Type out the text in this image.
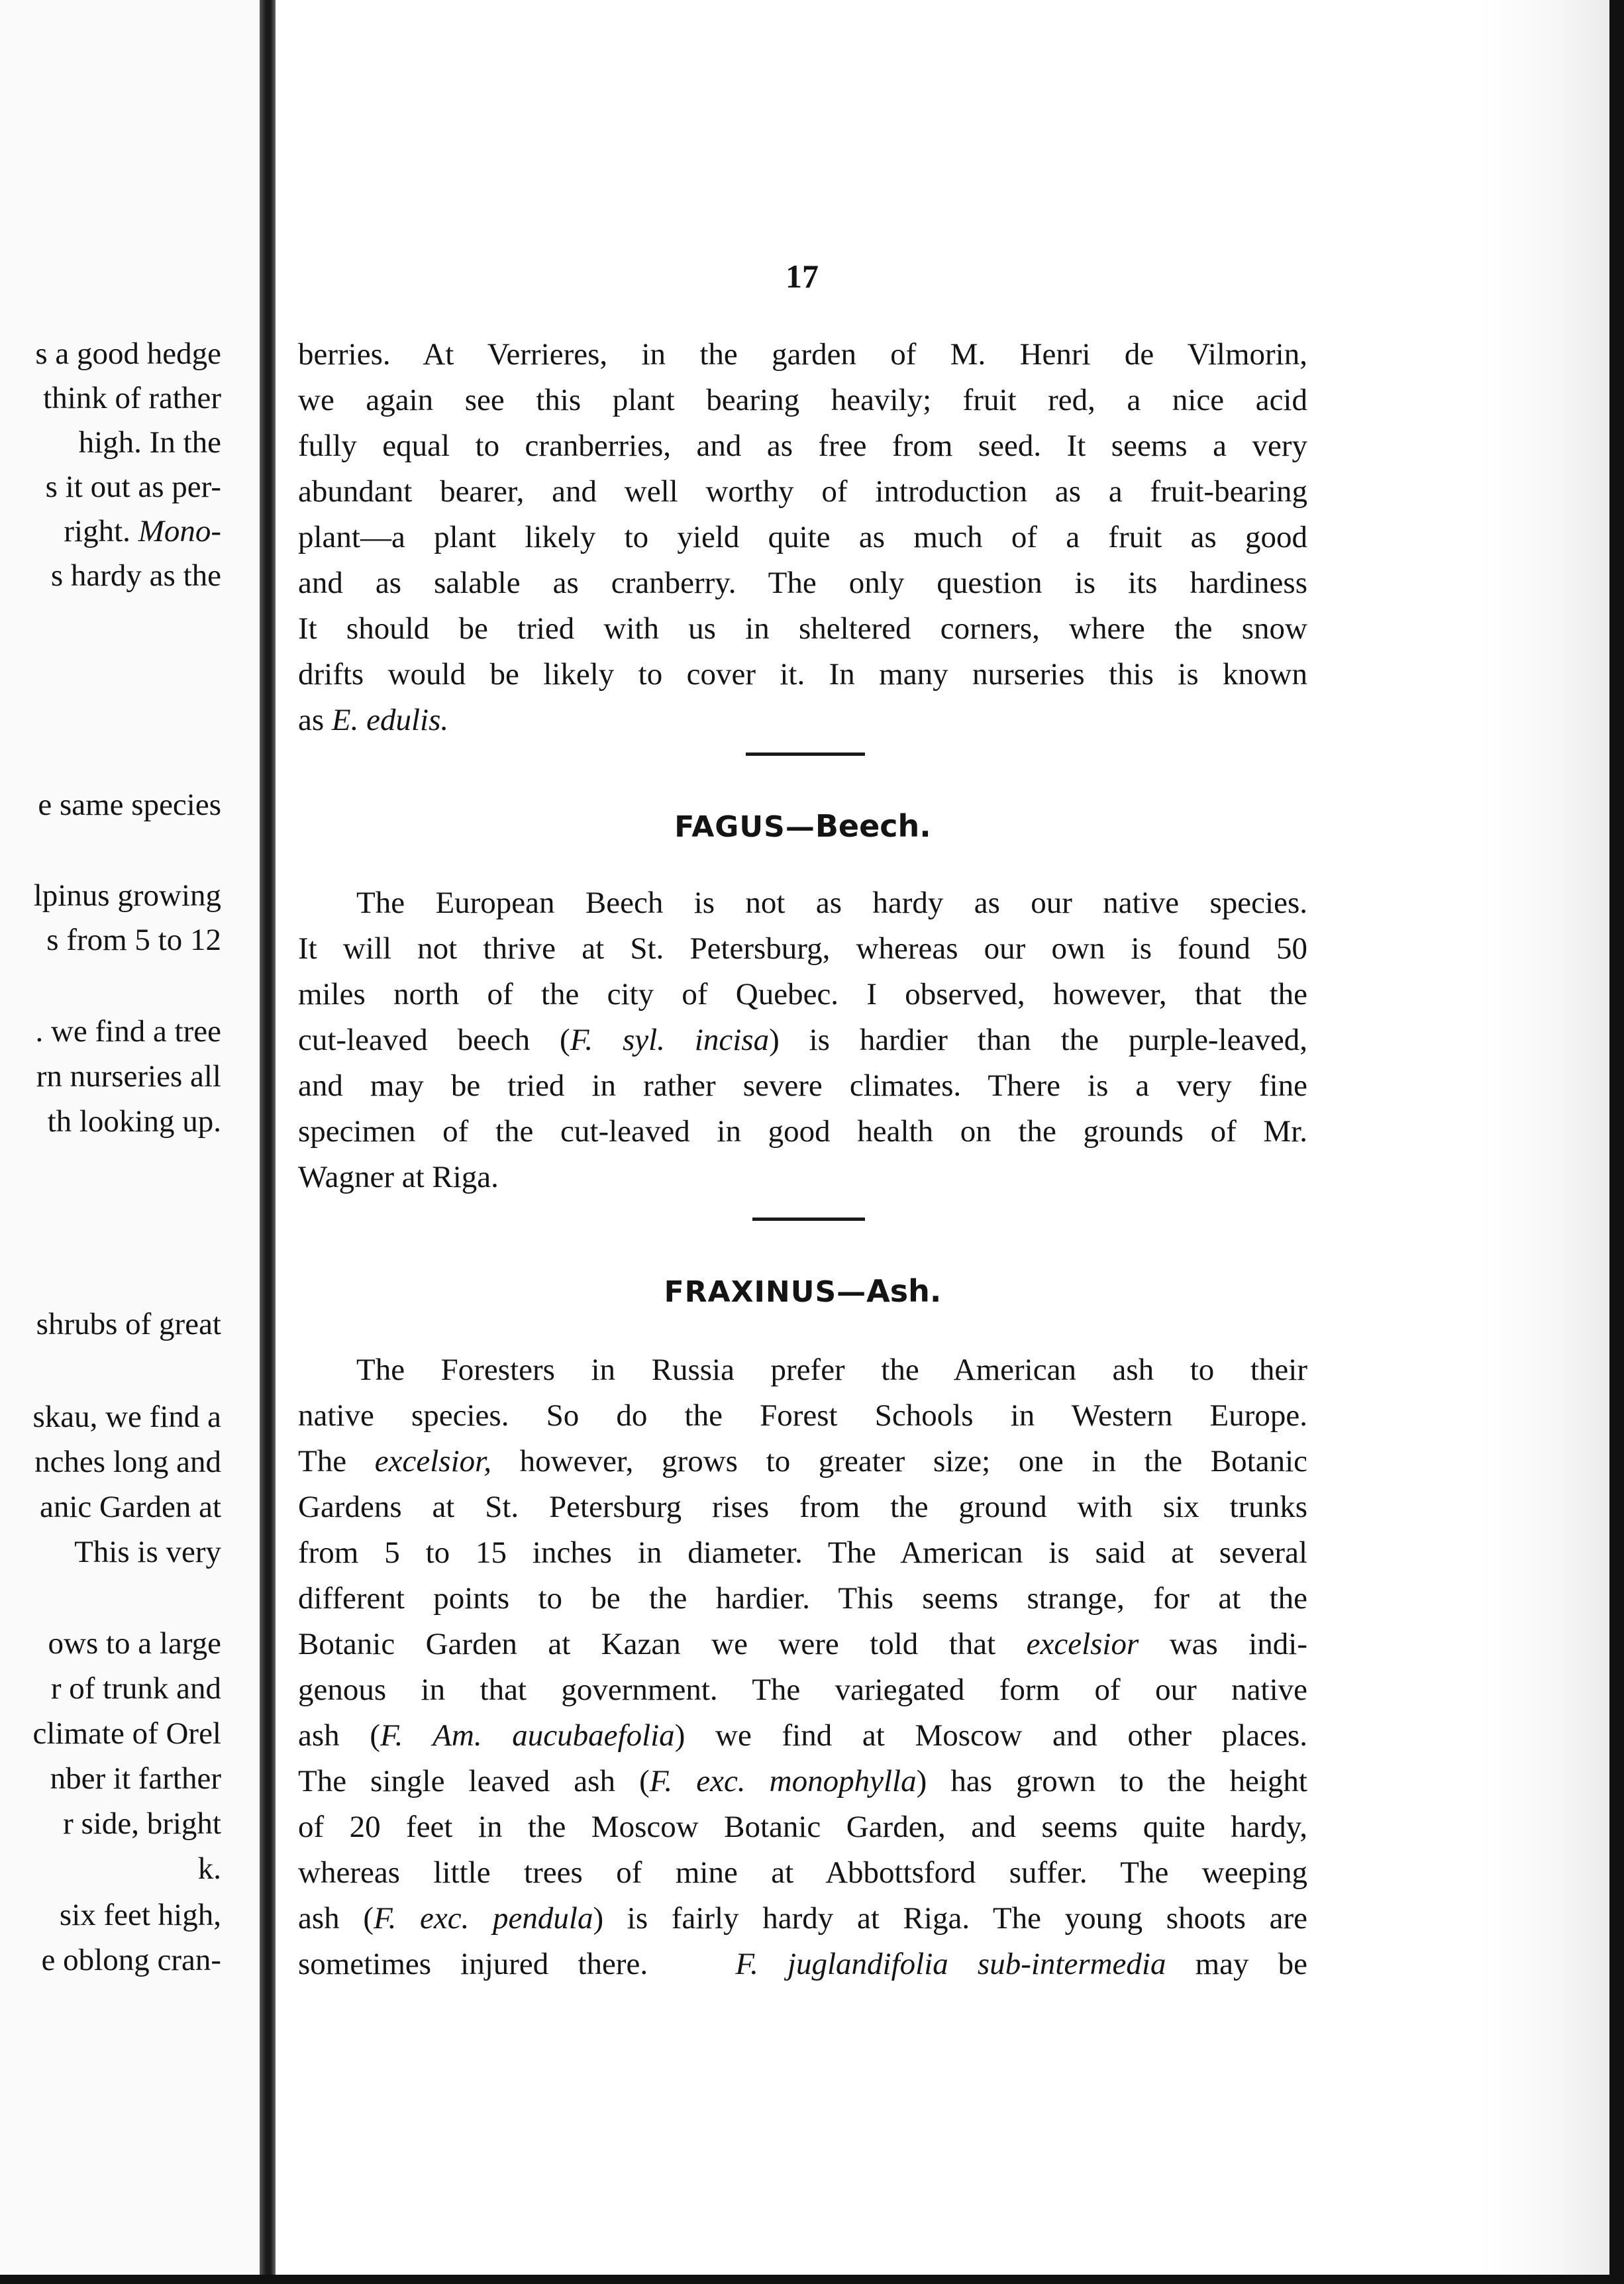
s a good hedge
think of rather
high. In the
s it out as per-
right. Mono-
s hardy as the
e same species
lpinus growing
s from 5 to 12
. we find a tree
rn nurseries all
th looking up.
shrubs of great
skau, we find a
nches long and
anic Garden at
This is very
ows to a large
r of trunk and
climate of Orel
nber it farther
r side, bright
k.
six feet high,
e oblong cran-
17
berries. At Verrieres, in the garden of M. Henri de Vilmorin,
we again see this plant bearing heavily; fruit red, a nice acid
fully equal to cranberries, and as free from seed. It seems a very
abundant bearer, and well worthy of introduction as a fruit-bearing
plant—a plant likely to yield quite as much of a fruit as good
and as salable as cranberry. The only question is its hardiness
It should be tried with us in sheltered corners, where the snow
drifts would be likely to cover it. In many nurseries this is known
as E. edulis.
FAGUS—Beech.
The European Beech is not as hardy as our native species.
It will not thrive at St. Petersburg, whereas our own is found 50
miles north of the city of Quebec. I observed, however, that the
cut-leaved beech (F. syl. incisa) is hardier than the purple-leaved,
and may be tried in rather severe climates. There is a very fine
specimen of the cut-leaved in good health on the grounds of Mr.
Wagner at Riga.
FRAXINUS—Ash.
The Foresters in Russia prefer the American ash to their
native species. So do the Forest Schools in Western Europe.
The excelsior, however, grows to greater size; one in the Botanic
Gardens at St. Petersburg rises from the ground with six trunks
from 5 to 15 inches in diameter. The American is said at several
different points to be the hardier. This seems strange, for at the
Botanic Garden at Kazan we were told that excelsior was indi-
genous in that government. The variegated form of our native
ash (F. Am. aucubaefolia) we find at Moscow and other places.
The single leaved ash (F. exc. monophylla) has grown to the height
of 20 feet in the Moscow Botanic Garden, and seems quite hardy,
whereas little trees of mine at Abbottsford suffer. The weeping
ash (F. exc. pendula) is fairly hardy at Riga. The young shoots are
sometimes injured there.   F. juglandifolia sub-intermedia may be
